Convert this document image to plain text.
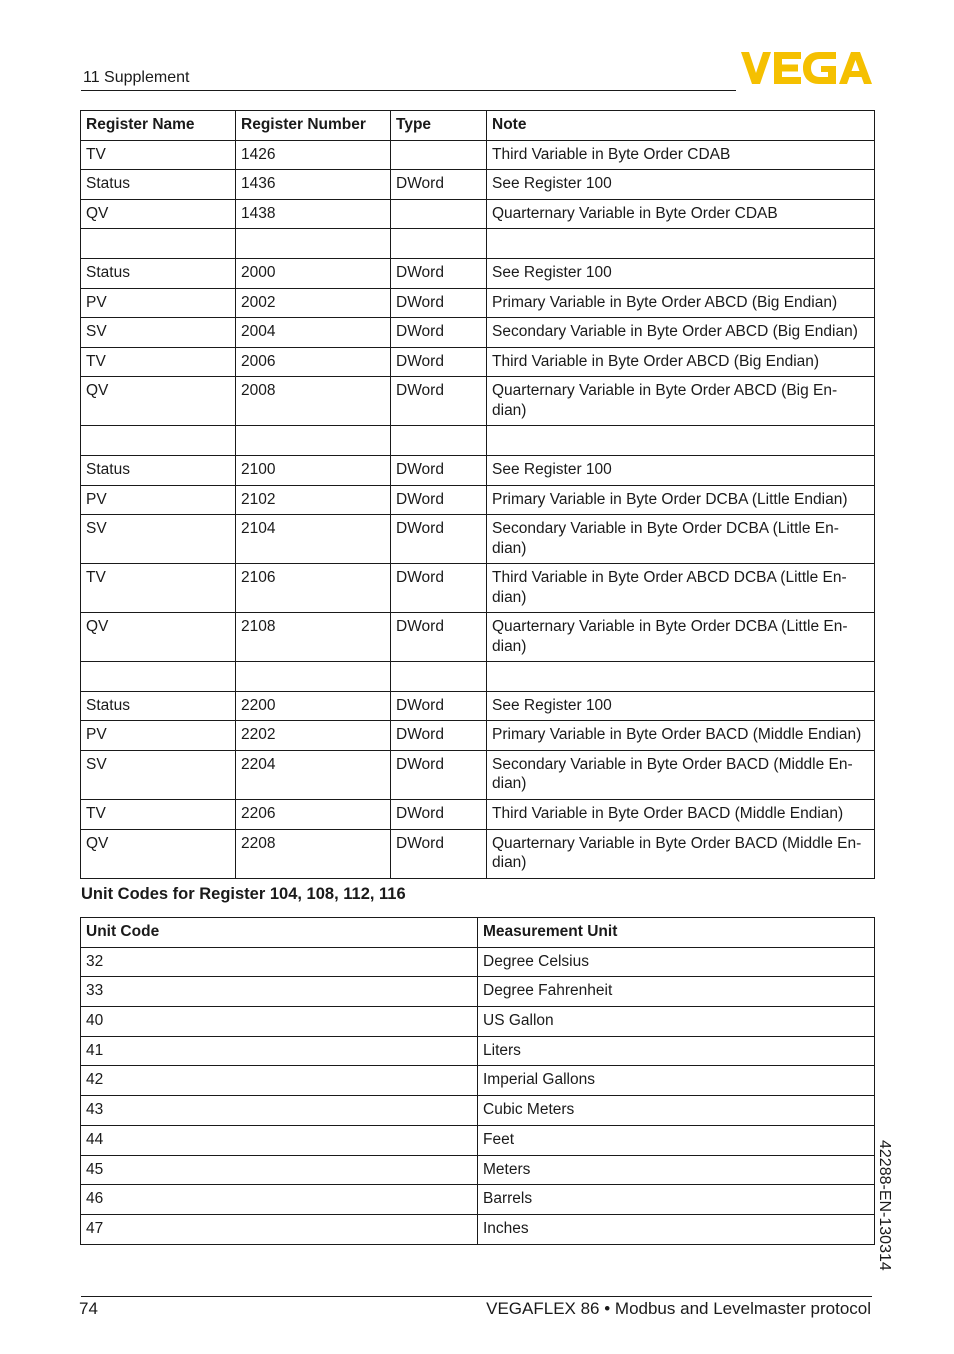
11 Supplement
Register Name	Register Number	Type	Note
TV	1426		Third Variable in Byte Order CDAB
Status	1436	DWord	See Register 100
QV	1438		Quarternary Variable in Byte Order CDAB

Status	2000	DWord	See Register 100
PV	2002	DWord	Primary Variable in Byte Order ABCD (Big Endian)
SV	2004	DWord	Secondary Variable in Byte Order ABCD (Big Endian)
TV	2006	DWord	Third Variable in Byte Order ABCD (Big Endian)
QV	2008	DWord	Quarternary Variable in Byte Order ABCD (Big En-
dian)

Status	2100	DWord	See Register 100
PV	2102	DWord	Primary Variable in Byte Order DCBA (Little Endian)
SV	2104	DWord	Secondary Variable in Byte Order DCBA (Little En-
dian)
TV	2106	DWord	Third Variable in Byte Order ABCD DCBA (Little En-
dian)
QV	2108	DWord	Quarternary Variable in Byte Order DCBA (Little En-
dian)

Status	2200	DWord	See Register 100
PV	2202	DWord	Primary Variable in Byte Order BACD (Middle Endian)
SV	2204	DWord	Secondary Variable in Byte Order BACD (Middle En-
dian)
TV	2206	DWord	Third Variable in Byte Order BACD (Middle Endian)
QV	2208	DWord	Quarternary Variable in Byte Order BACD (Middle En-
dian)
Unit Codes for Register 104, 108, 112, 116
Unit Code	Measurement Unit
32	Degree Celsius
33	Degree Fahrenheit
40	US Gallon
41	Liters
42	Imperial Gallons
43	Cubic Meters
44	Feet
45	Meters
46	Barrels
47	Inches	42288-EN-130314
74	VEGAFLEX 86 • Modbus and Levelmaster protocol
